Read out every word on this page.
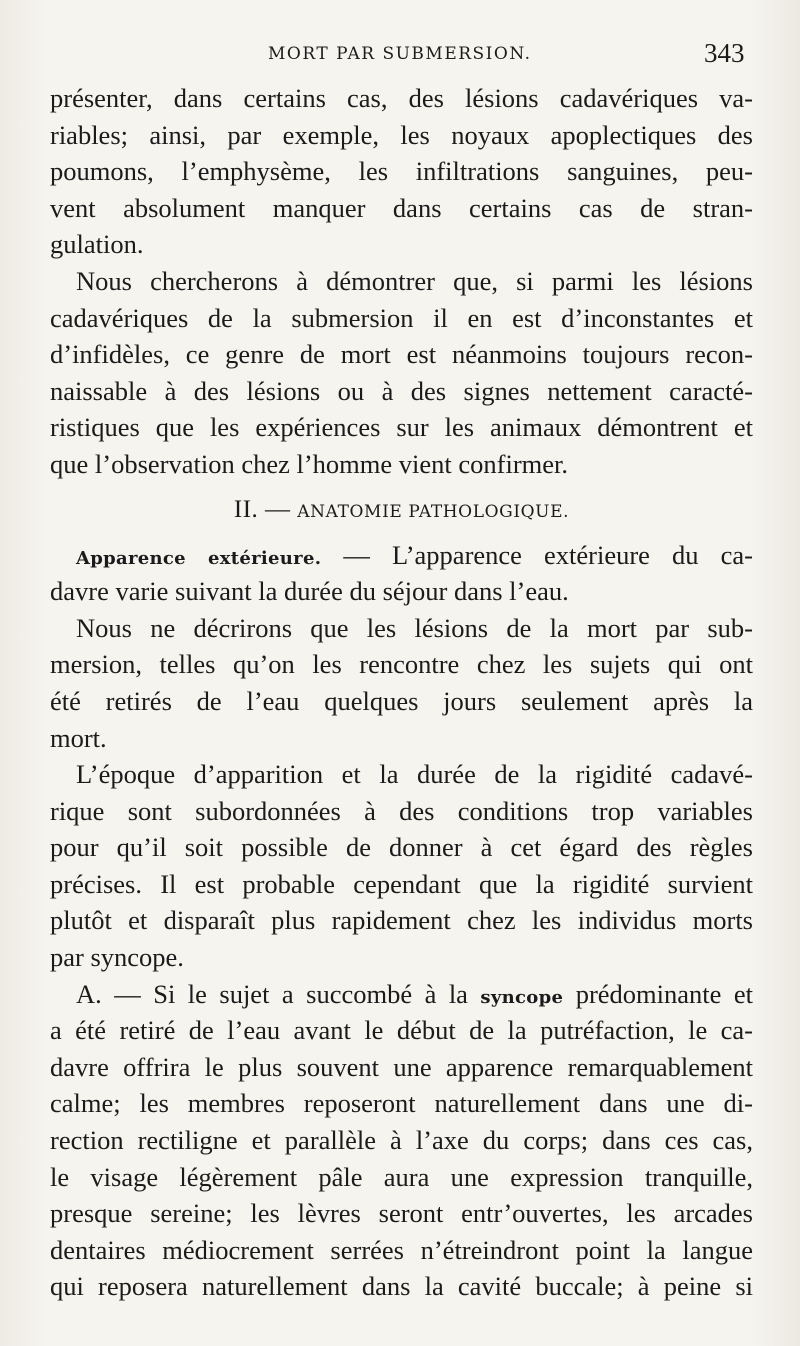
MORT PAR SUBMERSION.	343
présenter, dans certains cas, des lésions cadavériques va-
riables; ainsi, par exemple, les noyaux apoplectiques des
poumons, l’emphysème, les infiltrations sanguines, peu-
vent absolument manquer dans certains cas de stran-
gulation.
Nous chercherons à démontrer que, si parmi les lésions
cadavériques de la submersion il en est d’inconstantes et
d’infidèles, ce genre de mort est néanmoins toujours recon-
naissable à des lésions ou à des signes nettement caracté-
ristiques que les expériences sur les animaux démontrent et
que l’observation chez l’homme vient confirmer.
II. — ANATOMIE PATHOLOGIQUE.
Apparence extérieure. — L’apparence extérieure du ca-
davre varie suivant la durée du séjour dans l’eau.
Nous ne décrirons que les lésions de la mort par sub-
mersion, telles qu’on les rencontre chez les sujets qui ont
été retirés de l’eau quelques jours seulement après la
mort.
L’époque d’apparition et la durée de la rigidité cadavé-
rique sont subordonnées à des conditions trop variables
pour qu’il soit possible de donner à cet égard des règles
précises. Il est probable cependant que la rigidité survient
plutôt et disparaît plus rapidement chez les individus morts
par syncope.
A. — Si le sujet a succombé à la syncope prédominante et
a été retiré de l’eau avant le début de la putréfaction, le ca-
davre offrira le plus souvent une apparence remarquablement
calme; les membres reposeront naturellement dans une di-
rection rectiligne et parallèle à l’axe du corps; dans ces cas,
le visage légèrement pâle aura une expression tranquille,
presque sereine; les lèvres seront entr’ouvertes, les arcades
dentaires médiocrement serrées n’étreindront point la langue
qui reposera naturellement dans la cavité buccale; à peine si
